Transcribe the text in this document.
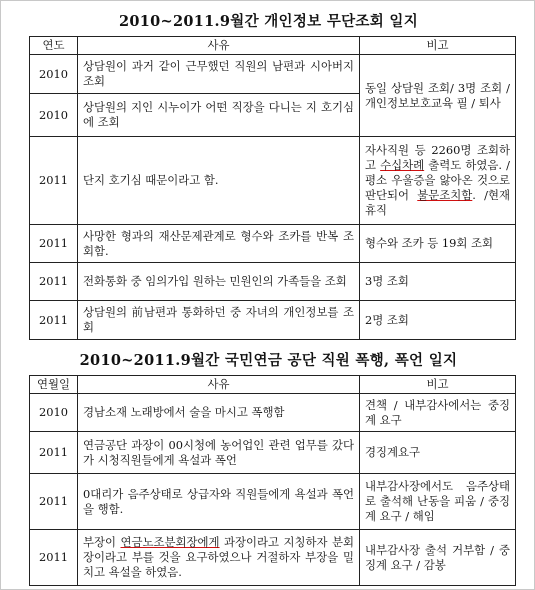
2010~2011.9월간 개인정보 무단조회 일지
연도	사유	비고
2010	상담원이 과거 같이 근무했던 직원의 남편과 시아버지 조회	동일 상담원 조회/ 3명 조회 / 개인정보보호교육 필 / 퇴사
2010	상담원의 지인 시누이가 어떤 직장을 다니는 지 호기심에 조회	
2011	단지 호기심 때문이라고 함.	자사직원 등 2260명 조회하고 수십차례 출력도 하였음. / 평소 우울증을 앓아온 것으로 판단되어 불문조치함. /현재 휴직
2011	사망한 형과의 재산문제관계로 형수와 조카를 반복 조회함.	형수와 조카 등 19회 조회
2011	전화통화 중 임의가입 원하는 민원인의 가족들을 조회	3명 조회
2011	상담원의 前남편과 통화하던 중 자녀의 개인정보를 조회	2명 조회
2010~2011.9월간 국민연금 공단 직원 폭행, 폭언 일지
연월일	사유	비고
2010	경남소재 노래방에서 술을 마시고 폭행함	견책 / 내부감사에서는 중징계 요구
2011	연금공단 과장이 00시청에 농어업인 관련 업무를 갔다가 시청직원들에게 욕설과 폭언	경징계요구
2011	0대리가 음주상태로 상급자와 직원들에게 욕설과 폭언을 행함.	내부감사장에서도 음주상태로 출석해 난동을 피움 / 중징계 요구 / 해임
2011	부장이 연금노조분회장에게 과장이라고 지칭하자 분회장이라고 부를 것을 요구하였으나 거절하자 부장을 밀치고 욕설을 하였음.	내부감사장 출석 거부함 / 중징계 요구 / 감봉
